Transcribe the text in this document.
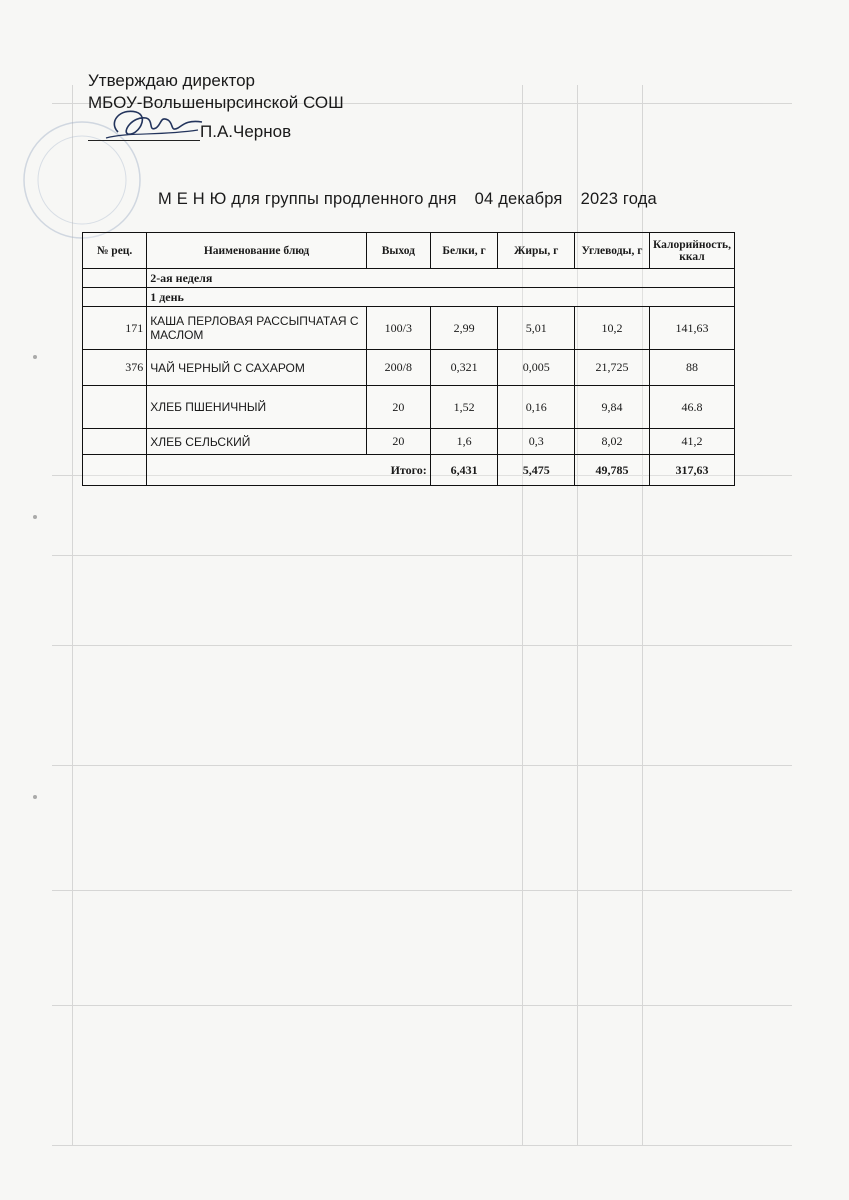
Утверждаю директор
МБОУ-Вольшенырсинской СОШ
П.А.Чернов
М Е Н Ю для группы продленного дня 04 декабря 2023 года
№ рец.	Наименование блюд	Выход	Белки, г	Жиры, г	Углеводы, г	Калорийность, ккал
	2-ая неделя					
	1 день					
171	КАША ПЕРЛОВАЯ РАССЫПЧАТАЯ С МАСЛОМ	100/3	2,99	5,01	10,2	141,63
376	ЧАЙ ЧЕРНЫЙ С САХАРОМ	200/8	0,321	0,005	21,725	88
	ХЛЕБ ПШЕНИЧНЫЙ	20	1,52	0,16	9,84	46.8
	ХЛЕБ СЕЛЬСКИЙ	20	1,6	0,3	8,02	41,2
	Итого:		6,431	5,475	49,785	317,63
